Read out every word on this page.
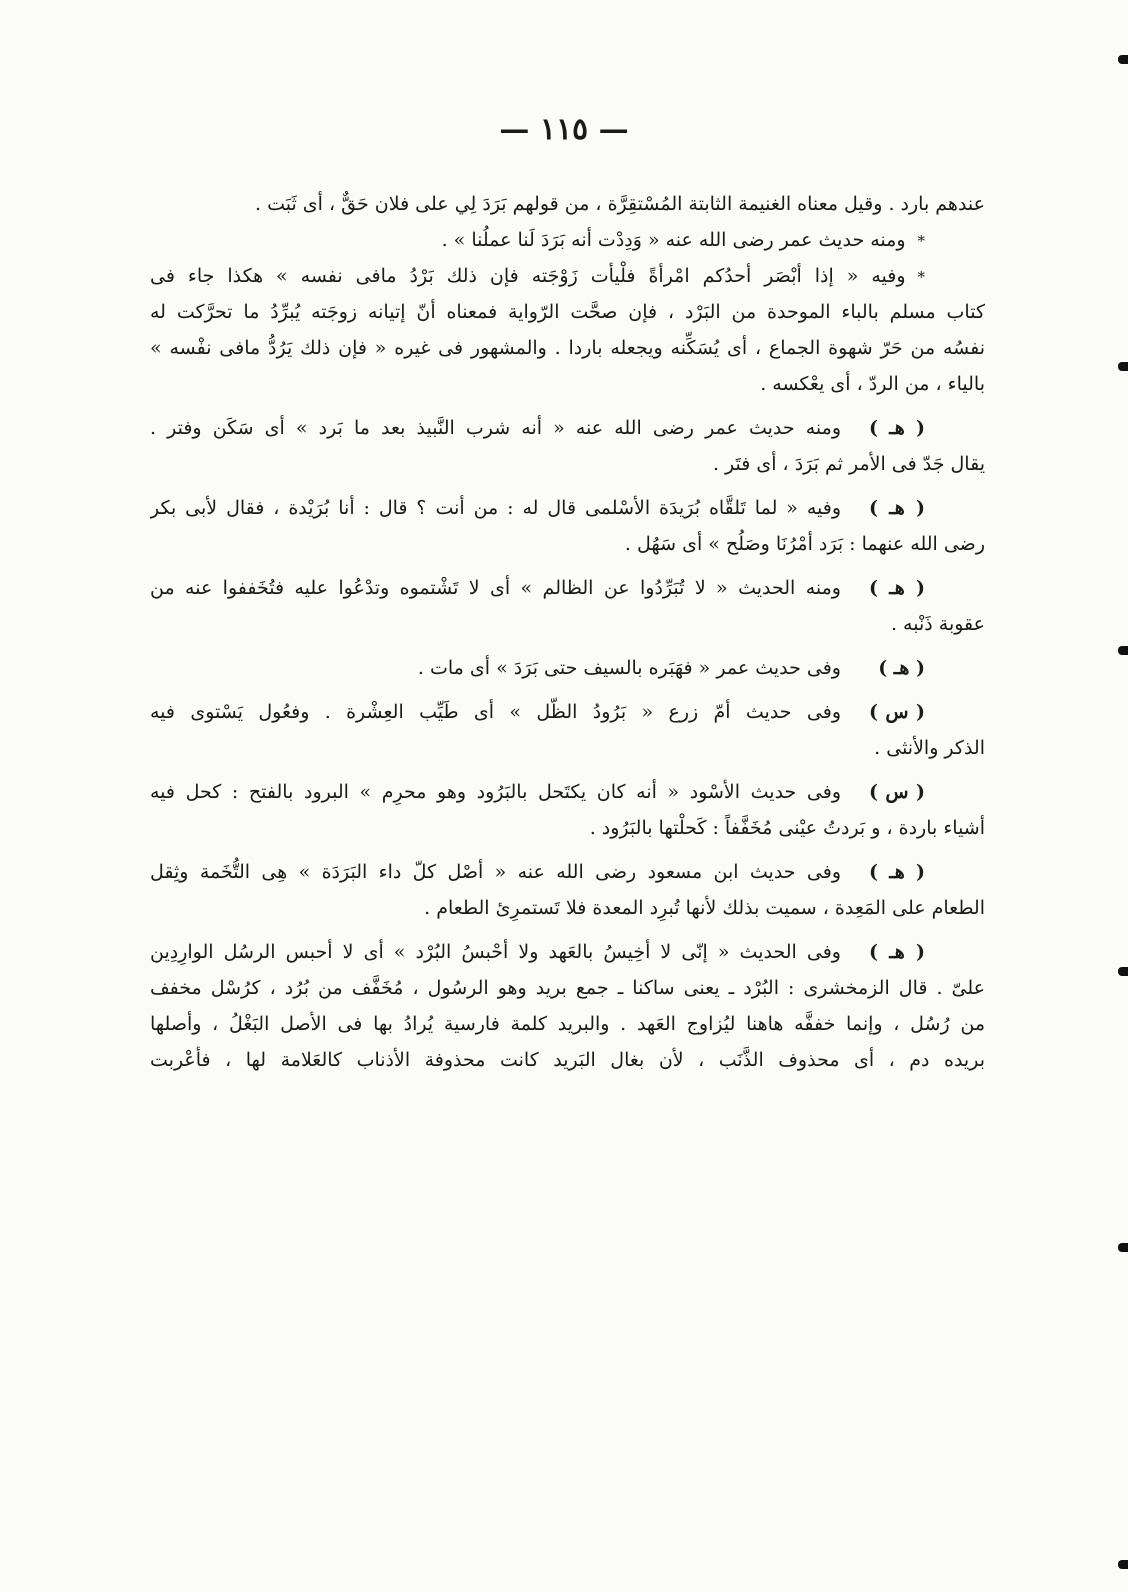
— ١١٥ —
عندهم بارد . وقيل معناه الغنيمة الثابتة المُسْتقِرَّة ، من قولهم بَرَدَ لِي على فلان حَقٌّ ، أى ثَبَت .
*ومنه حديث عمر رضى الله عنه « وَدِدْت أنه بَرَدَ لَنا عملُنا » .
*وفيه « إذا أبْصَر أحدُكم امْرأةً فلْيأت زَوْجَته فإن ذلك بَرْدُ مافى نفسه » هكذا جاء فى
كتاب مسلم بالباء الموحدة من البَرْد ، فإن صحَّت الرّواية فمعناه أنّ إتيانه زوجَته يُبرِّدُ ما تحرَّكت له
نفسُه من حَرّ شهوة الجماع ، أى يُسَكِّنه ويجعله باردا . والمشهور فى غيره « فإن ذلك يَرُدُّ مافى نفْسه »
بالياء ، من الردّ ، أى يعْكسه .
( هـ )ومنه حديث عمر رضى الله عنه « أنه شرب النَّبيذ بعد ما بَرد » أى سَكَن وفتر .
يقال جَدّ فى الأمر ثم بَرَدَ ، أى فتَر .
( هـ )وفيه « لما تَلقَّاه بُرَيدَة الأسْلمى قال له : من أنت ؟ قال : أنا بُرَيْدة ، فقال لأبى بكر
رضى الله عنهما : بَرَد أمْرُنَا وصَلُح » أى سَهُل .
( هـ )ومنه الحديث « لا تُبَرِّدُوا عن الظالم » أى لا تَشْتموه وتدْعُوا عليه فتُخَففوا عنه من
عقوبة ذَنْبه .
( هـ )وفى حديث عمر « فهَبَره بالسيف حتى بَرَدَ » أى مات .
( س )وفى حديث أمّ زرع « بَرُودُ الظّل » أى طَيِّب العِشْرة . وفعُول يَسْتوى فيه
الذكر والأنثى .
( س )وفى حديث الأسْود « أنه كان يكتَحل بالبَرُود وهو محرِم » البرود بالفتح : كحل فيه
أشياء باردة ، و بَردتُ عيْنى مُخَفَّفاً : كَحلْتها بالبَرُود .
( هـ )وفى حديث ابن مسعود رضى الله عنه « أصْل كلّ داء البَرَدَة » هِى التُّخَمة وثِقل
الطعام على المَعِدة ، سميت بذلك لأنها تُبرِد المعدة فلا تَستمرِئ الطعام .
( هـ )وفى الحديث « إنّى لا أخِيسُ بالعَهد ولا أحْبسُ البُرْد » أى لا أحبس الرسُل الوارِدِين
علىّ . قال الزمخشرى : البُرْد ـ يعنى ساكنا ـ جمع بريد وهو الرسُول ، مُخَفَّف من بُرُد ، كرُسْل مخفف
من رُسُل ، وإنما خففَّه هاهنا ليُزاوج العَهد . والبريد كلمة فارسية يُرادُ بها فى الأصل البَغْلُ ، وأصلها
بريده دم ، أى محذوف الذَّنَب ، لأن بغال البَريد كانت محذوفة الأذناب كالعَلامة لها ، فأعْربت
